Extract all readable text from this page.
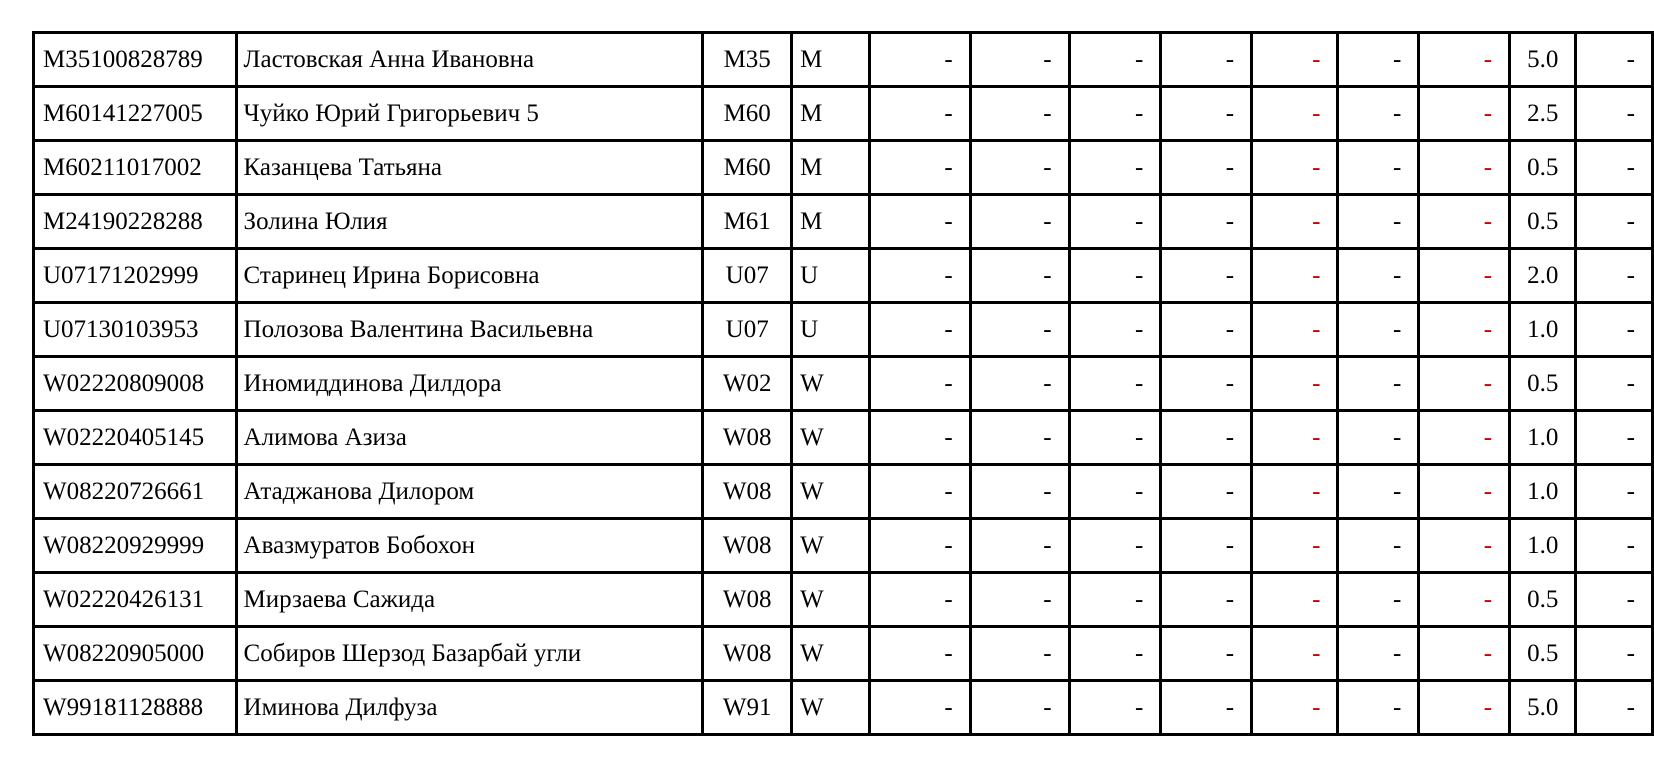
M35100828789	Ластовская Анна Ивановна	M35	M	-	-	-	-	-	-	-	5.0	-
M60141227005	Чуйко Юрий Григорьевич 5	M60	M	-	-	-	-	-	-	-	2.5	-
M60211017002	Казанцева Татьяна	M60	M	-	-	-	-	-	-	-	0.5	-
M24190228288	Золина Юлия	M61	M	-	-	-	-	-	-	-	0.5	-
U07171202999	Старинец Ирина Борисовна	U07	U	-	-	-	-	-	-	-	2.0	-
U07130103953	Полозова Валентина Васильевна	U07	U	-	-	-	-	-	-	-	1.0	-
W02220809008	Иномиддинова Дилдора	W02	W	-	-	-	-	-	-	-	0.5	-
W02220405145	Алимова Азиза	W08	W	-	-	-	-	-	-	-	1.0	-
W08220726661	Атаджанова Дилором	W08	W	-	-	-	-	-	-	-	1.0	-
W08220929999	Авазмуратов Бобохон	W08	W	-	-	-	-	-	-	-	1.0	-
W02220426131	Мирзаева Сажида	W08	W	-	-	-	-	-	-	-	0.5	-
W08220905000	Собиров Шерзод Базарбай угли	W08	W	-	-	-	-	-	-	-	0.5	-
W99181128888	Иминова Дилфуза	W91	W	-	-	-	-	-	-	-	5.0	-
